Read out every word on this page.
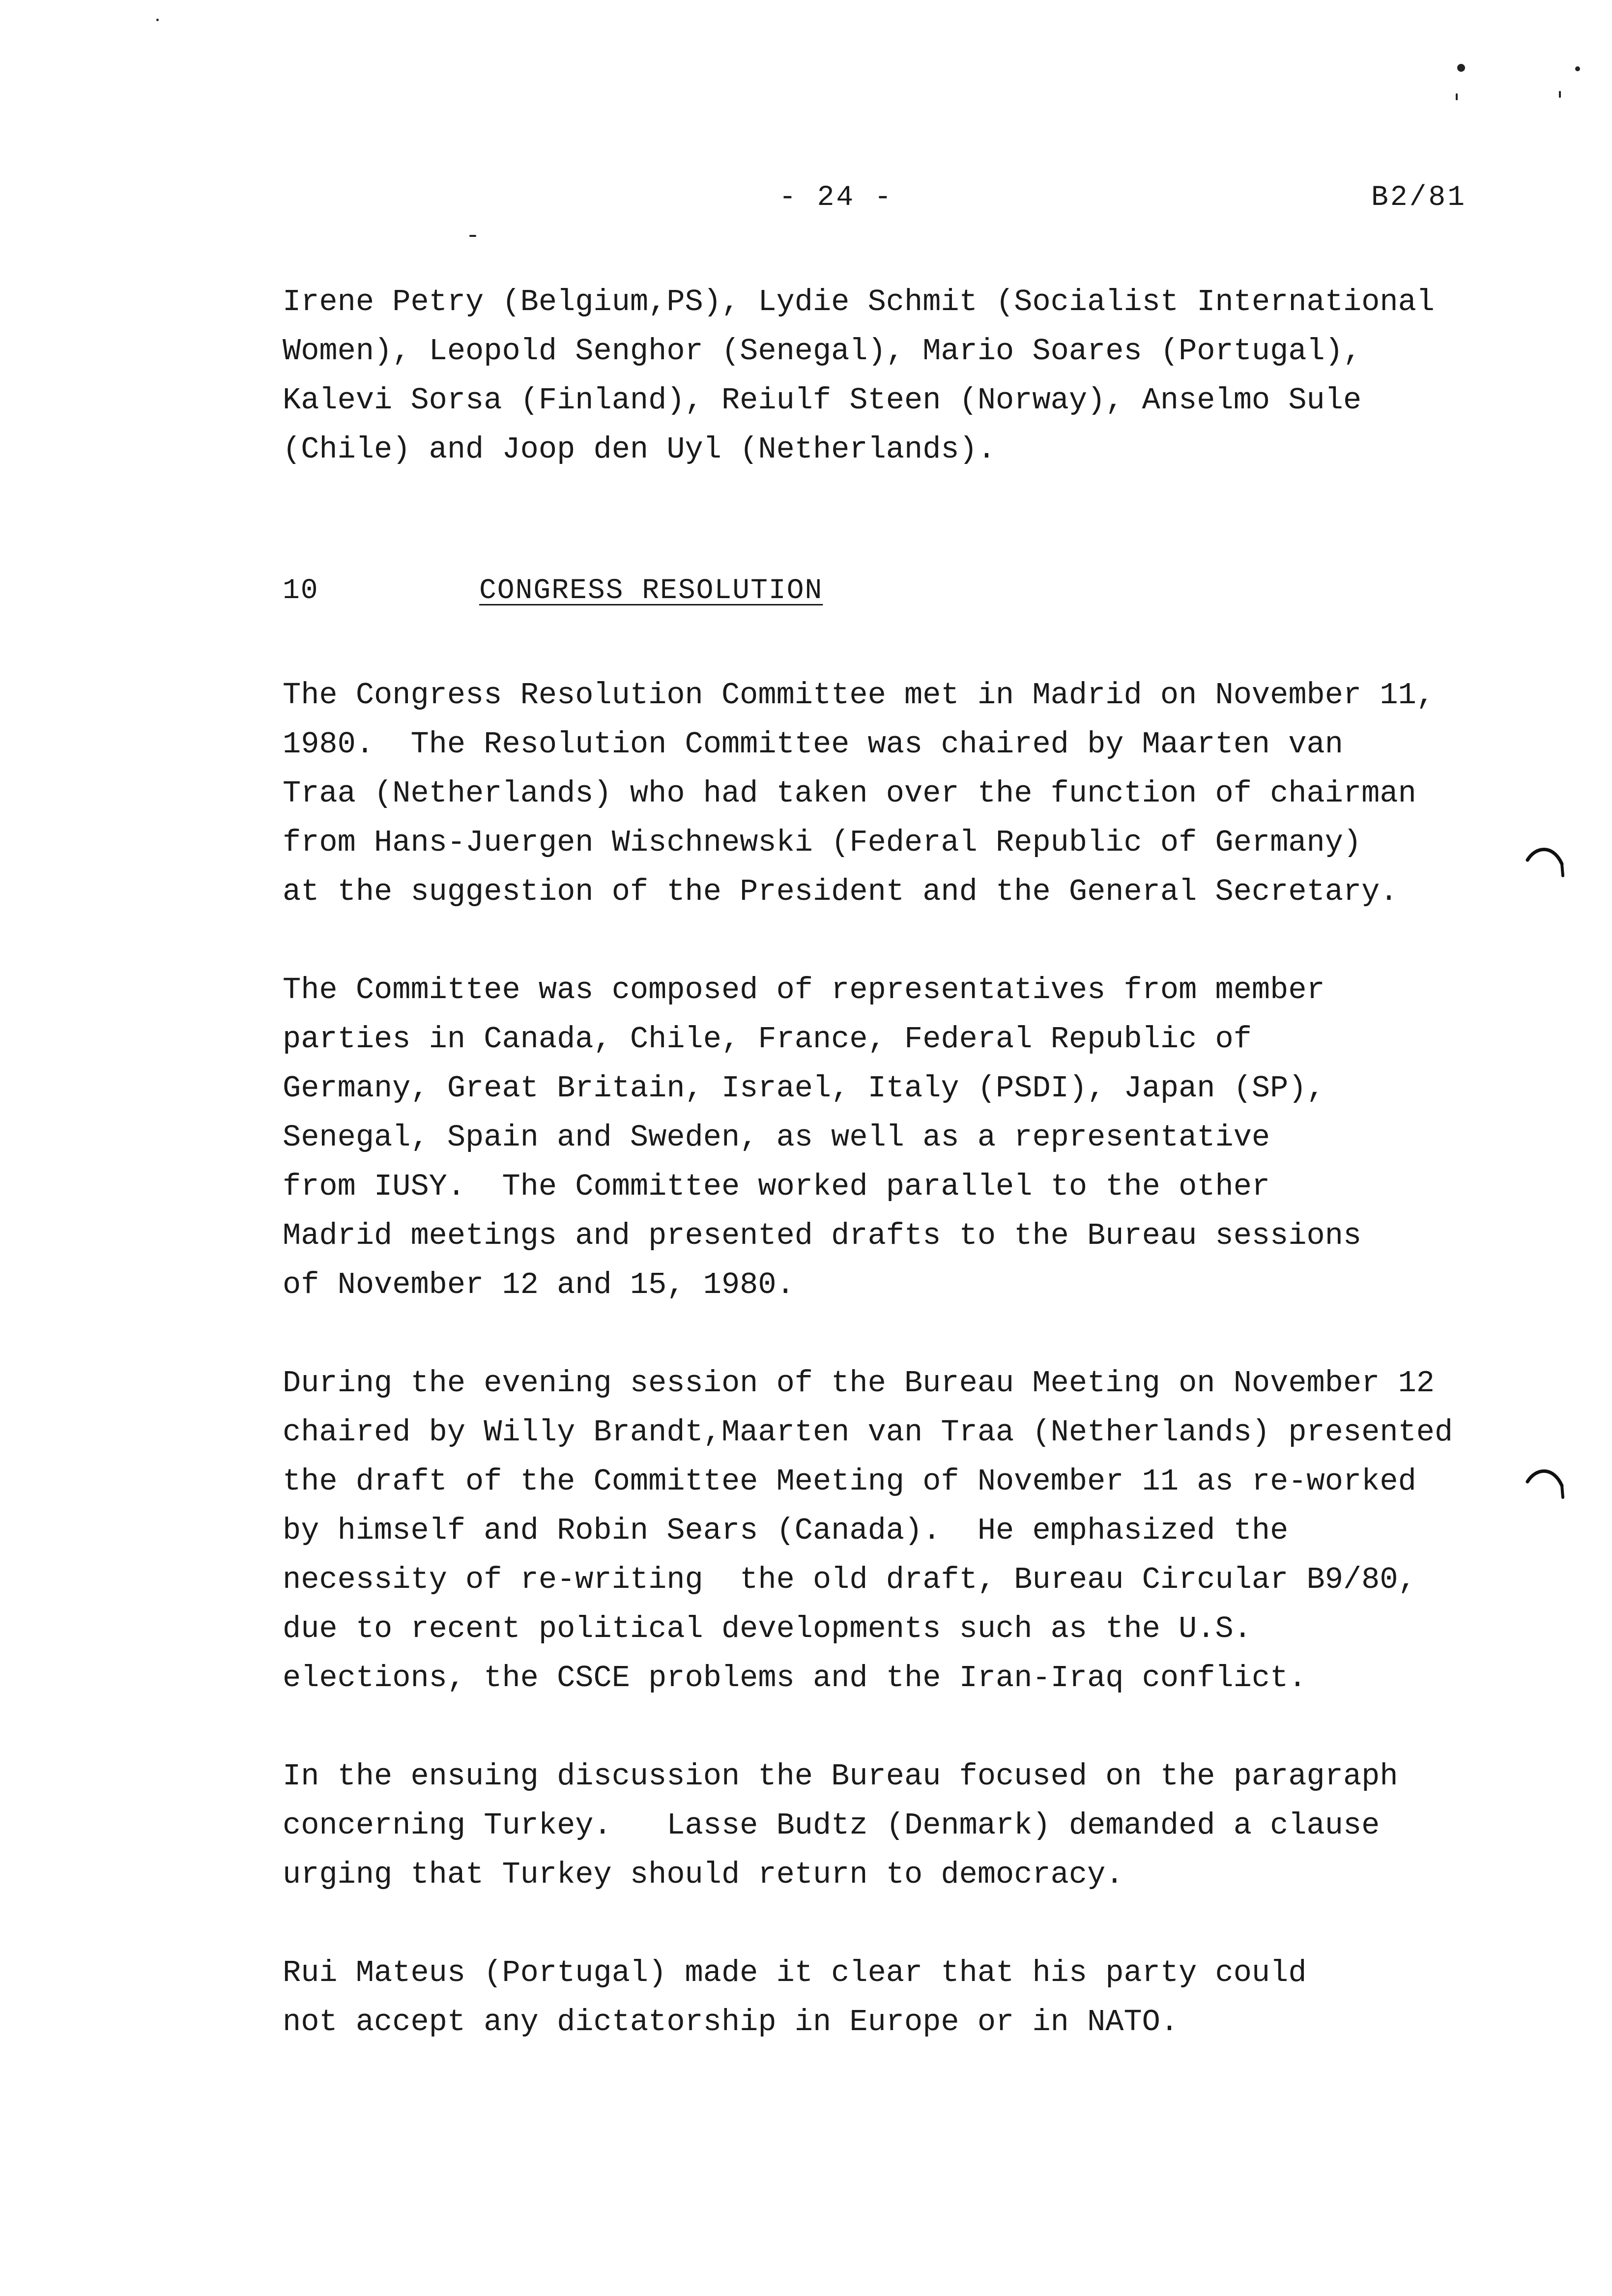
- 24 -	B2/81
Irene Petry (Belgium,PS), Lydie Schmit (Socialist International
Women), Leopold Senghor (Senegal), Mario Soares (Portugal),
Kalevi Sorsa (Finland), Reiulf Steen (Norway), Anselmo Sule
(Chile) and Joop den Uyl (Netherlands).
10	CONGRESS RESOLUTION
The Congress Resolution Committee met in Madrid on November 11,
1980.  The Resolution Committee was chaired by Maarten van
Traa (Netherlands) who had taken over the function of chairman
from Hans-Juergen Wischnewski (Federal Republic of Germany)
at the suggestion of the President and the General Secretary.
The Committee was composed of representatives from member
parties in Canada, Chile, France, Federal Republic of
Germany, Great Britain, Israel, Italy (PSDI), Japan (SP),
Senegal, Spain and Sweden, as well as a representative
from IUSY.  The Committee worked parallel to the other
Madrid meetings and presented drafts to the Bureau sessions
of November 12 and 15, 1980.
During the evening session of the Bureau Meeting on November 12
chaired by Willy Brandt,Maarten van Traa (Netherlands) presented
the draft of the Committee Meeting of November 11 as re-worked
by himself and Robin Sears (Canada).  He emphasized the
necessity of re-writing  the old draft, Bureau Circular B9/80,
due to recent political developments such as the U.S.
elections, the CSCE problems and the Iran-Iraq conflict.
In the ensuing discussion the Bureau focused on the paragraph
concerning Turkey.   Lasse Budtz (Denmark) demanded a clause
urging that Turkey should return to democracy.
Rui Mateus (Portugal) made it clear that his party could
not accept any dictatorship in Europe or in NATO.
